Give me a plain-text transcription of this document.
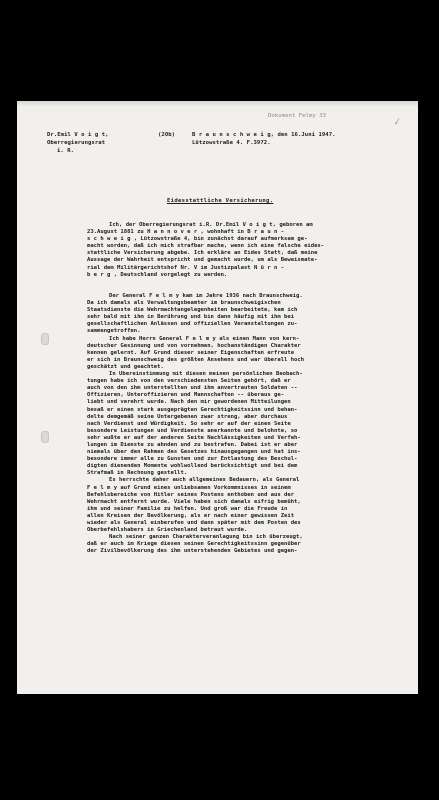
✓
Dokument Felmy 33
Dr.Emil V o i g t,
Oberregierungsrat
i. R.
(20b)	B r a u n s c h w e i g, den 16.Juni 1947.
Lützowstraße 4. F.3972.
Eidesstattliche Versicherung.

Ich, der Oberregierungsrat i.R. Dr.Emil V o i g t, geboren am

23.August 1881 zu H a n n o v e r , wohnhaft in B r a u n -

s c h w e i g , Lützowstraße 4, bin zunächst darauf aufmerksam ge-

macht worden, daß ich mich strafbar mache, wenn ich eine falsche eides-

stattliche Versicherung abgebe. Ich erkläre an Eides Statt, daß meine

Aussage der Wahrheit entspricht und gemacht wurde, um als Beweismate-

rial dem Militärgerichtshof Nr. V im Justizpalast N ü r n -

b e r g , Deutschland vorgelegt zu werden.

Der General F e l m y kam im Jahre 1936 nach Braunschweig.

Da ich damals als Verwaltungsbeamter im braunschweigischen

Staatsdienste die Wehrmachtangelegenheiten bearbeitete, kam ich

sehr bald mit ihm in Berührung und bin dann häufig mit ihm bei

gesellschaftlichen Anlässen und offiziellen Veranstaltungen zu-

sammengetroffen.

Ich habe Herrn General F e l m y als einen Mann von kern-

deutscher Gesinnung und von vornehmen, hochanständigen Charakter

kennen gelernt. Auf Grund dieser seiner Eigenschaften erfreute

er sich in Braunschweig des größten Ansehens und war überall hoch

geschätzt und geachtet.

In Übereinstimmung mit diesen meinen persönlichen Beobach-

tungen habe ich von den verschiedensten Seiten gehört, daß er

auch von den ihm unterstellten und ihm anvertrauten Soldaten --

Offizieren, Unteroffizieren und Mannschaften -- überaus ge-

liebt und verehrt wurde. Nach den mir gewordenen Mitteilungen

besaß er einen stark ausgeprägten Gerechtigkeitssinn und behan-

delte demgemäß seine Untergebenen zwar streng, aber durchaus

nach Verdienst und Würdigkeit. So sehr er auf der einen Seite

besondere Leistungen und Verdienste anerkannte und belohnte, so

sehr wußte er auf der anderen Seite Nachlässigkeiten und Verfeh-

lungen im Dienste zu ahnden und zu bestrafen. Dabei ist er aber

niemals über den Rahmen des Gesetzes hinausgegangen und hat ins-

besondere immer alle zu Gunsten und zur Entlastung des Beschul-

digten dienenden Momente wohlwollend berücksichtigt und bei dem

Strafmaß in Rechnung gestellt.

Es herrschte daher auch allgemeines Bedauern, als General

F e l m y auf Grund eines unliebsamen Vorkommnisses in seinem

Befehlsbereiche von Hitler seines Postens enthoben und aus der

Wehrmacht entfernt wurde. Viele haben sich damals eifrig bemüht,

ihm und seiner Familie zu helfen. Und groß war die Freude in

allen Kreisen der Bevölkerung, als er nach einer gewissen Zeit

wieder als General einberufen und dann später mit dem Posten des

Oberbefehlshabers in Griechenland betraut wurde.

Nach seiner ganzen Charakterveranlagung bin ich überzeugt,

daß er auch im Kriege diesen seinen Gerechtigkeitssinn gegenüber

der Zivilbevölkerung des ihm unterstehenden Gebietes und gegen-
